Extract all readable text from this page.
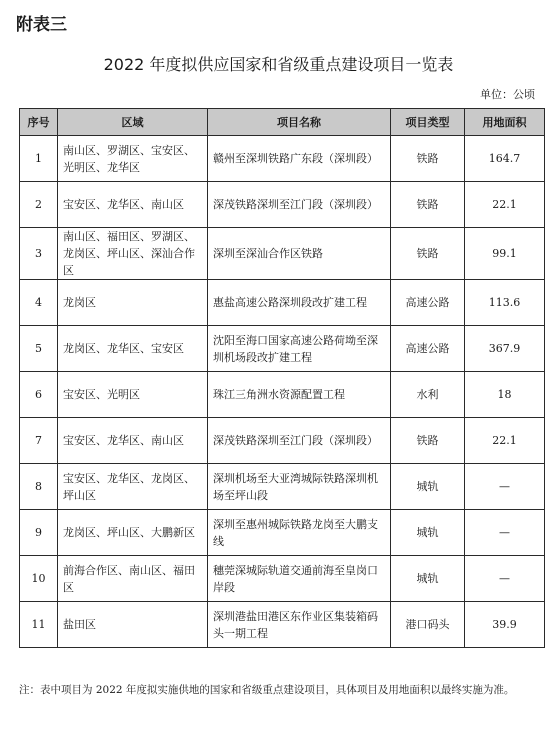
附表三
2022 年度拟供应国家和省级重点建设项目一览表
单位：公顷
序号	区域	项目名称	项目类型	用地面积
1	南山区、罗湖区、宝安区、光明区、龙华区	赣州至深圳铁路广东段（深圳段）	铁路	164.7
2	宝安区、龙华区、南山区	深茂铁路深圳至江门段（深圳段）	铁路	22.1
3	南山区、福田区、罗湖区、龙岗区、坪山区、深汕合作区	深圳至深汕合作区铁路	铁路	99.1
4	龙岗区	惠盐高速公路深圳段改扩建工程	高速公路	113.6
5	龙岗区、龙华区、宝安区	沈阳至海口国家高速公路荷坳至深圳机场段改扩建工程	高速公路	367.9
6	宝安区、光明区	珠江三角洲水资源配置工程	水利	18
7	宝安区、龙华区、南山区	深茂铁路深圳至江门段（深圳段）	铁路	22.1
8	宝安区、龙华区、龙岗区、坪山区	深圳机场至大亚湾城际铁路深圳机场至坪山段	城轨	—
9	龙岗区、坪山区、大鹏新区	深圳至惠州城际铁路龙岗至大鹏支线	城轨	—
10	前海合作区、南山区、福田区	穗莞深城际轨道交通前海至皇岗口岸段	城轨	—
11	盐田区	深圳港盐田港区东作业区集装箱码头一期工程	港口码头	39.9
注：表中项目为 2022 年度拟实施供地的国家和省级重点建设项目，具体项目及用地面积以最终实施为准。
